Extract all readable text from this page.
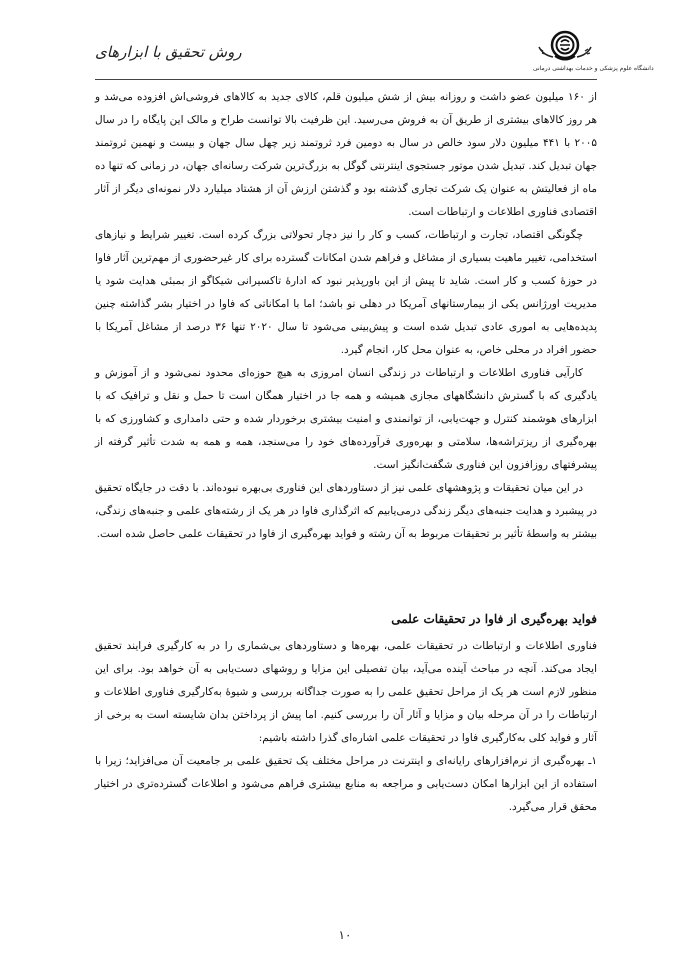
روش تحقیق با ابزارهای
دانشگاه علوم پزشکی و خدمات بهداشتی درمانی

از ۱۶۰ میلیون عضو داشت و روزانه بیش از شش میلیون قلم، کالای جدید به کالاهای فروشی‌اش افزوده می‌شد و هر روز کالاهای بیشتری از طریق آن به فروش می‌رسید. این ظرفیت بالا توانست طراح و مالک این پایگاه را در سال ۲۰۰۵ با ۴۴۱ میلیون دلار سود خالص در سال به دومین فرد ثروتمند زیر چهل سال جهان و بیست و نهمین ثروتمند جهان تبدیل کند. تبدیل شدن موتور جستجوی اینترنتی گوگل به بزرگ‌ترین شرکت رسانه‌ای جهان، در زمانی که تنها ده ماه از فعالیتش به عنوان یک شرکت تجاری گذشته بود و گذشتن ارزش آن از هشتاد میلیارد دلار نمونه‌ای دیگر از آثار اقتصادی فناوری اطلاعات و ارتباطات است.

چگونگی اقتصاد، تجارت و ارتباطات، کسب و کار را نیز دچار تحولاتی بزرگ کرده است. تغییر شرایط و نیازهای استخدامی، تغییر ماهیت بسیاری از مشاغل و فراهم شدن امکانات گسترده برای کار غیرحضوری از مهم‌ترین آثار فاوا در حوزهٔ کسب و کار است. شاید تا پیش از این باورپذیر نبود که ادارهٔ تاکسیرانی شیکاگو از بمبئی هدایت شود یا مدیریت اورژانس یکی از بیمارستانهای آمریکا در دهلی نو باشد؛ اما با امکاناتی که فاوا در اختیار بشر گذاشته چنین پدیده‌هایی به اموری عادی تبدیل شده است و پیش‌بینی می‌شود تا سال ۲۰۲۰ تنها ۳۶ درصد از مشاغل آمریکا با حضور افراد در محلی خاص، به عنوان محل کار، انجام گیرد.

کارآیی فناوری اطلاعات و ارتباطات در زندگی انسان امروزی به هیچ حوزه‌ای محدود نمی‌شود و از آموزش و یادگیری که با گسترش دانشگاههای مجازی همیشه و همه جا در اختیار همگان است تا حمل و نقل و ترافیک که با ابزارهای هوشمند کنترل و جهت‌یابی، از توانمندی و امنیت بیشتری برخوردار شده و حتی دامداری و کشاورزی که با بهره‌گیری از ریزتراشه‌ها، سلامتی و بهره‌وری فرآورده‌های خود را می‌سنجد، همه و همه به شدت تأثیر گرفته از پیشرفتهای روزافزون این فناوری شگفت‌انگیز است.

در این میان تحقیقات و پژوهشهای علمی نیز از دستاوردهای این فناوری بی‌بهره نبوده‌اند. با دقت در جایگاه تحقیق در پیشبرد و هدایت جنبه‌های دیگر زندگی درمی‌یابیم که اثرگذاری فاوا در هر یک از رشته‌های علمی و جنبه‌های زندگی، بیشتر به واسطهٔ تأثیر بر تحقیقات مربوط به آن رشته و فواید بهره‌گیری از فاوا در تحقیقات علمی حاصل شده است.

فواید بهره‌گیری از فاوا در تحقیقات علمی

فناوری اطلاعات و ارتباطات در تحقیقات علمی، بهره‌ها و دستاوردهای بی‌شماری را در به کارگیری فرایند تحقیق ایجاد می‌کند. آنچه در مباحث آینده می‌آید، بیان تفصیلی این مزایا و روشهای دست‌یابی به آن خواهد بود. برای این منظور لازم است هر یک از مراحل تحقیق علمی را به صورت جداگانه بررسی و شیوهٔ به‌کارگیری فناوری اطلاعات و ارتباطات را در آن مرحله بیان و مزایا و آثار آن را بررسی کنیم. اما پیش از پرداختن بدان شایسته است به برخی از آثار و فواید کلی به‌کارگیری فاوا در تحقیقات علمی اشاره‌ای گذرا داشته باشیم:

۱ـ بهره‌گیری از نرم‌افزارهای رایانه‌ای و اینترنت در مراحل مختلف یک تحقیق علمی بر جامعیت آن می‌افزاید؛ زیرا با استفاده از این ابزارها امکان دست‌یابی و مراجعه به منابع بیشتری فراهم می‌شود و اطلاعات گسترده‌تری در اختیار محقق قرار می‌گیرد.

۱۰
